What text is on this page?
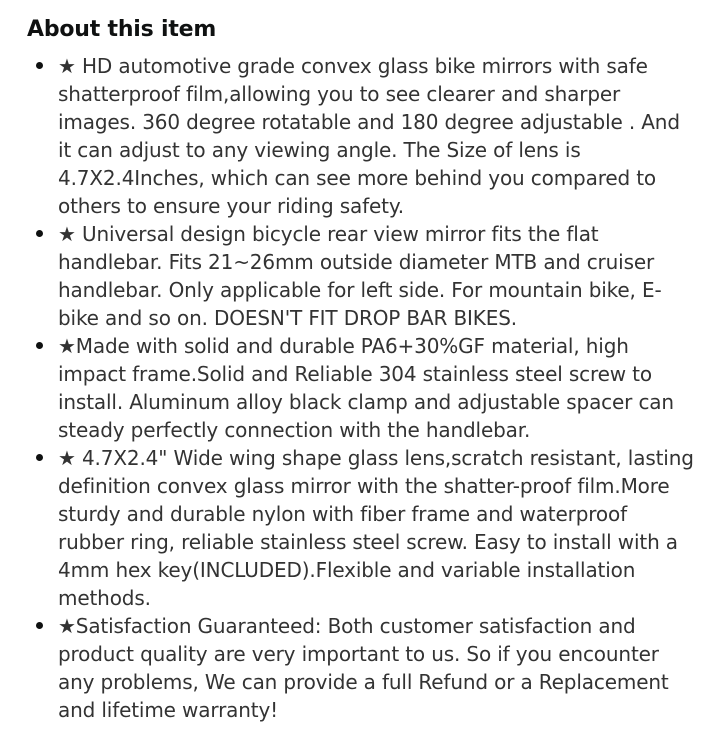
About this item
★ HD automotive grade convex glass bike mirrors with safe shatterproof film,allowing you to see clearer and sharper images. 360 degree rotatable and 180 degree adjustable . And it can adjust to any viewing angle. The Size of lens is 4.7X2.4Inches, which can see more behind you compared to others to ensure your riding safety.
★ Universal design bicycle rear view mirror fits the flat handlebar. Fits 21~26mm outside diameter MTB and cruiser handlebar. Only applicable for left side. For mountain bike, E-bike and so on. DOESN'T FIT DROP BAR BIKES.
★Made with solid and durable PA6+30%GF material, high impact frame.Solid and Reliable 304 stainless steel screw to install. Aluminum alloy black clamp and adjustable spacer can steady perfectly connection with the handlebar.
★ 4.7X2.4" Wide wing shape glass lens,scratch resistant, lasting definition convex glass mirror with the shatter-proof film.More sturdy and durable nylon with fiber frame and waterproof rubber ring, reliable stainless steel screw. Easy to install with a 4mm hex key(INCLUDED).Flexible and variable installation methods.
★Satisfaction Guaranteed: Both customer satisfaction and product quality are very important to us. So if you encounter any problems, We can provide a full Refund or a Replacement and lifetime warranty!
